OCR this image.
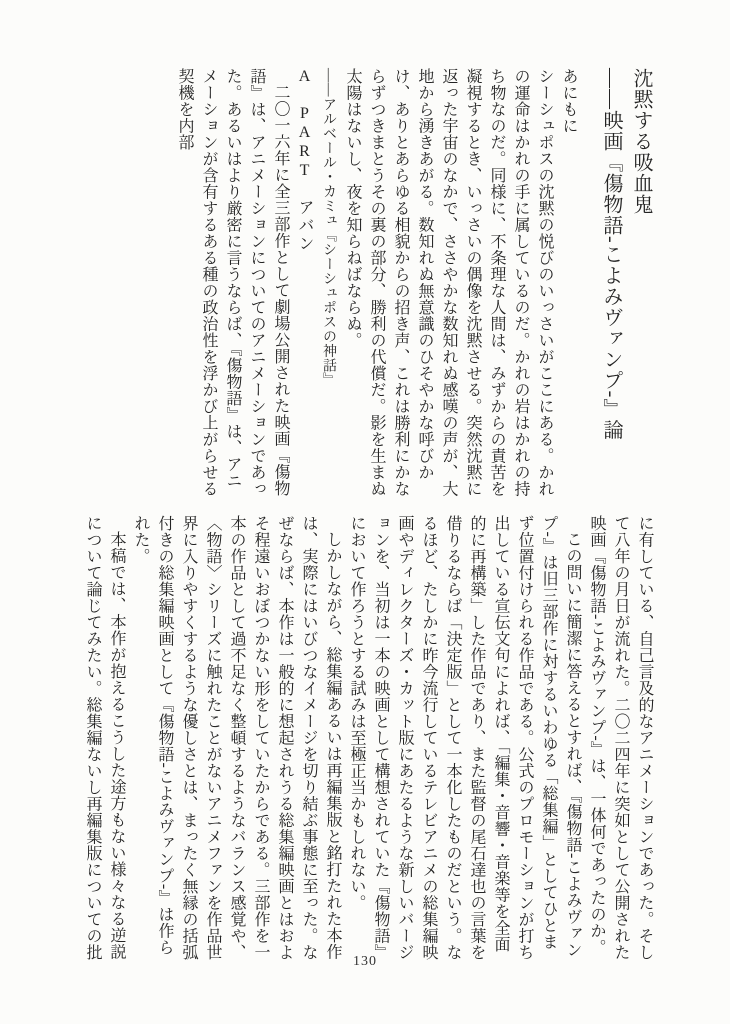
沈黙する吸血鬼

――映画『傷物語-こよみヴァンプ-』論

あにもに

シーシュポスの沈黙の悦びのいっさいがここにある。かれの運命はかれの手に属しているのだ。かれの岩はかれの持ち物なのだ。同様に、不条理な人間は、みずからの責苦を凝視するとき、いっさいの偶像を沈黙させる。突然沈黙に返った宇宙のなかで、ささやかな数知れぬ感嘆の声が、大地から湧きあがる。数知れぬ無意識のひそやかな呼びかけ、ありとあらゆる相貌からの招き声、これは勝利にかならずつきまとうその裏の部分、勝利の代償だ。影を生まぬ太陽はないし、夜を知らねばならぬ。

――アルベール・カミュ『シーシュポスの神話』

A　PART　アバン

二〇一六年に全三部作として劇場公開された映画『傷物語』は、アニメーションについてのアニメーションであった。あるいはより厳密に言うならば、『傷物語』は、アニメーションが含有するある種の政治性を浮かび上がらせる契機を内部

に有している、自己言及的なアニメーションであった。そして八年の月日が流れた。二〇二四年に突如として公開された映画『傷物語-こよみヴァンプ-』は、一体何であったのか。

この問いに簡潔に答えるとすれば、『傷物語-こよみヴァンプ-』は旧三部作に対するいわゆる「総集編」としてひとまず位置付けられる作品である。公式のプロモーションが打ち出している宣伝文句によれば、「編集・音響・音楽等を全面的に再構築」した作品であり、また監督の尾石達也の言葉を借りるならば「決定版」として一本化したものだという。なるほど、たしかに昨今流行しているテレビアニメの総集編映画やディレクターズ・カット版にあたるような新しいバージョンを、当初は一本の映画として構想されていた『傷物語』において作ろうとする試みは至極正当かもしれない。

しかしながら、総集編あるいは再編集版と銘打たれた本作は、実際にはいびつなイメージを切り結ぶ事態に至った。なぜならば、本作は一般的に想起されうる総集編映画とはおよそ程遠いおぼつかない形をしていたからである。三部作を一本の作品として過不足なく整頓するようなバランス感覚や、〈物語〉シリーズに触れたことがないアニメファンを作品世界に入りやすくするような優しさとは、まったく無縁の括弧付きの総集編映画として『傷物語-こよみヴァンプ-』は作られた。

本稿では、本作が抱えるこうした途方もない様々なる逆説について論じてみたい。総集編ないし再編集版についての批

130
